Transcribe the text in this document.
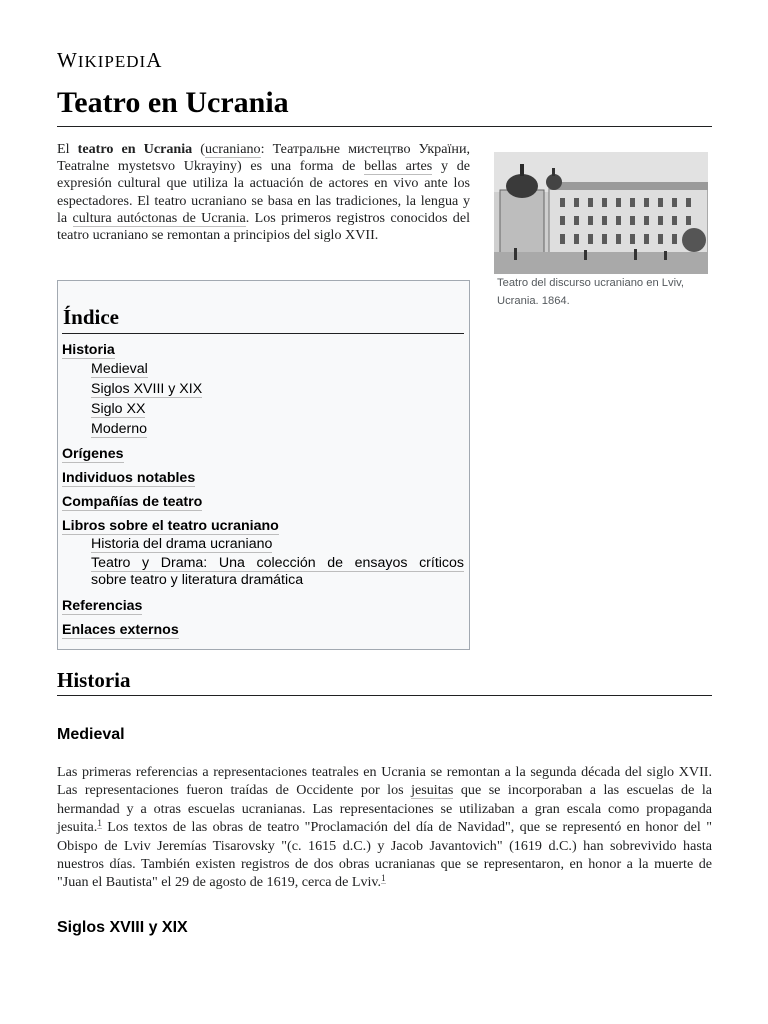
WIKIPEDIA
Teatro en Ucrania

El teatro en Ucrania (ucraniano: Театральне мистецтво України, Teatralne mystetsvo Ukrayiny) es una forma de bellas artes y de expresión cultural que utiliza la actuación de actores en vivo ante los espectadores. El teatro ucraniano se basa en las tradiciones, la lengua y la cultura autóctonas de Ucrania. Los primeros registros conocidos del teatro ucraniano se remontan a principios del siglo XVII.

Teatro del discurso ucraniano en Lviv, Ucrania. 1864.
Índice
Historia
Medieval
Siglos XVIII y XIX
Siglo XX
Moderno
Orígenes
Individuos notables
Compañías de teatro
Libros sobre el teatro ucraniano
Historia del drama ucraniano
Teatro y Drama: Una colección de ensayos críticos
sobre teatro y literatura dramática
Referencias
Enlaces externos
Historia
Medieval

Las primeras referencias a representaciones teatrales en Ucrania se remontan a la segunda década del siglo XVII. Las representaciones fueron traídas de Occidente por los jesuitas que se incorporaban a las escuelas de la hermandad y a otras escuelas ucranianas. Las representaciones se utilizaban a gran escala como propaganda jesuita.$^1$ Los textos de las obras de teatro "Proclamación del día de Navidad", que se representó en honor del " Obispo de Lviv Jeremías Tisarovsky "(c. 1615 d.C.) y Jacob Javantovich" (1619 d.C.) han sobrevivido hasta nuestros días. También existen registros de dos obras ucranianas que se representaron, en honor a la muerte de "Juan el Bautista" el 29 de agosto de 1619, cerca de Lviv.$^1$

Siglos XVIII y XIX
